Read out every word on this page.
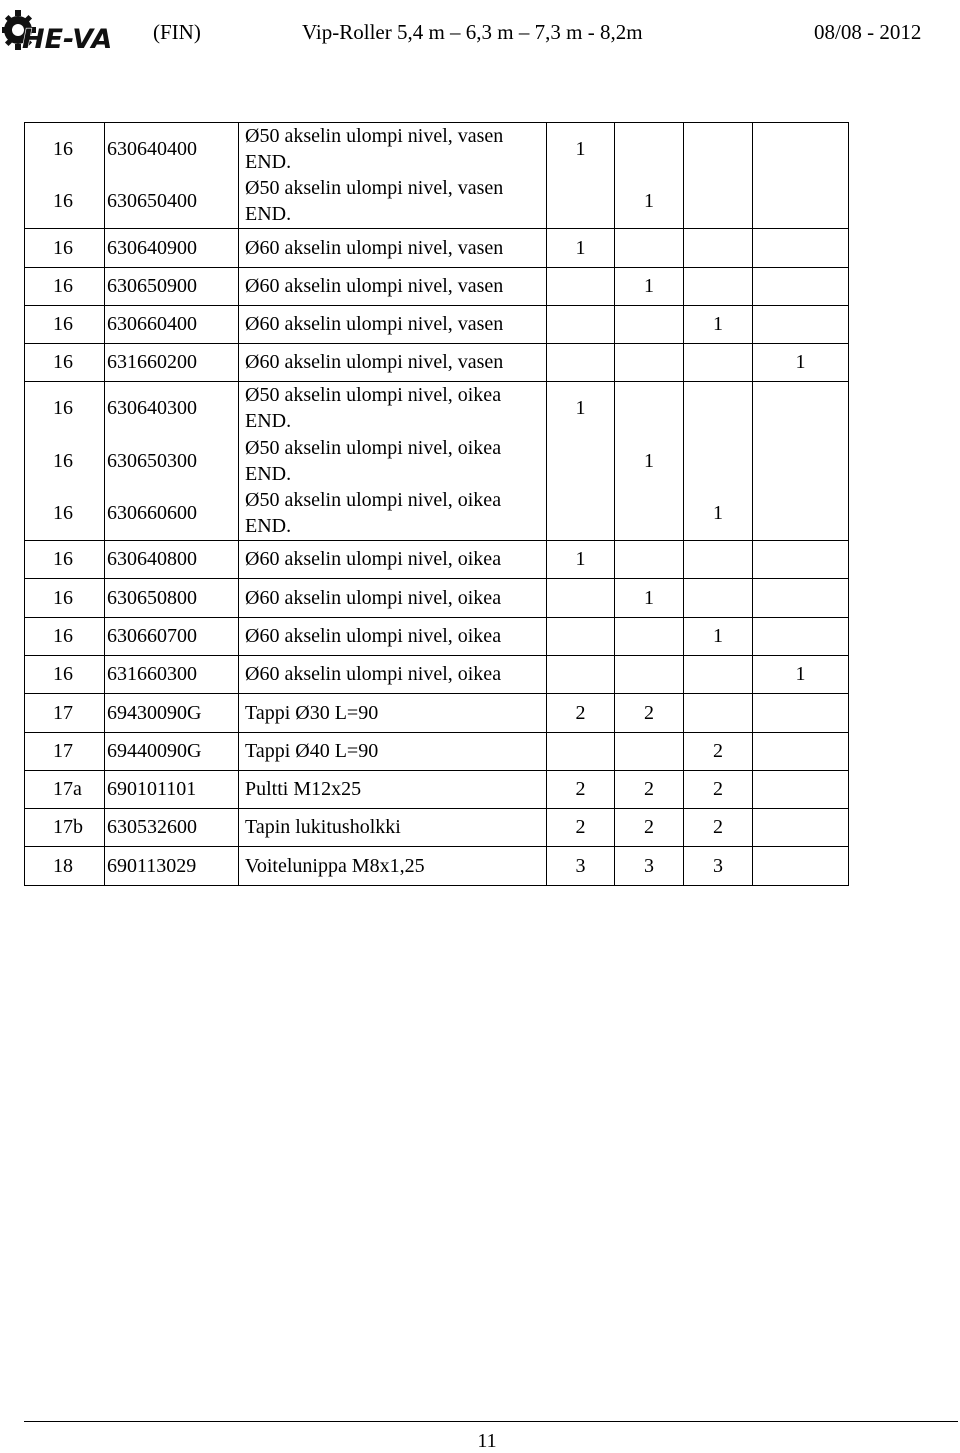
HE-VA (FIN)	Vip-Roller 5,4 m – 6,3 m – 7,3 m - 8,2m	08/08 - 2012
16	630640400	Ø50 akselin ulompi nivel, vasen END.	1			
16	630650400	Ø50 akselin ulompi nivel, vasen END.		1		
16	630640900	Ø60 akselin ulompi nivel, vasen	1			
16	630650900	Ø60 akselin ulompi nivel, vasen		1		
16	630660400	Ø60 akselin ulompi nivel, vasen			1	
16	631660200	Ø60 akselin ulompi nivel, vasen				1
16	630640300	Ø50 akselin ulompi nivel, oikea END.	1			
16	630650300	Ø50 akselin ulompi nivel, oikea END.		1		
16	630660600	Ø50 akselin ulompi nivel, oikea END.			1	
16	630640800	Ø60 akselin ulompi nivel, oikea	1			
16	630650800	Ø60 akselin ulompi nivel, oikea		1		
16	630660700	Ø60 akselin ulompi nivel, oikea			1	
16	631660300	Ø60 akselin ulompi nivel, oikea				1
17	69430090G	Tappi Ø30 L=90	2	2		
17	69440090G	Tappi Ø40 L=90			2	
17a	690101101	Pultti M12x25	2	2	2	
17b	630532600	Tapin lukitusholkki	2	2	2	
18	690113029	Voitelunippa M8x1,25	3	3	3	
11
